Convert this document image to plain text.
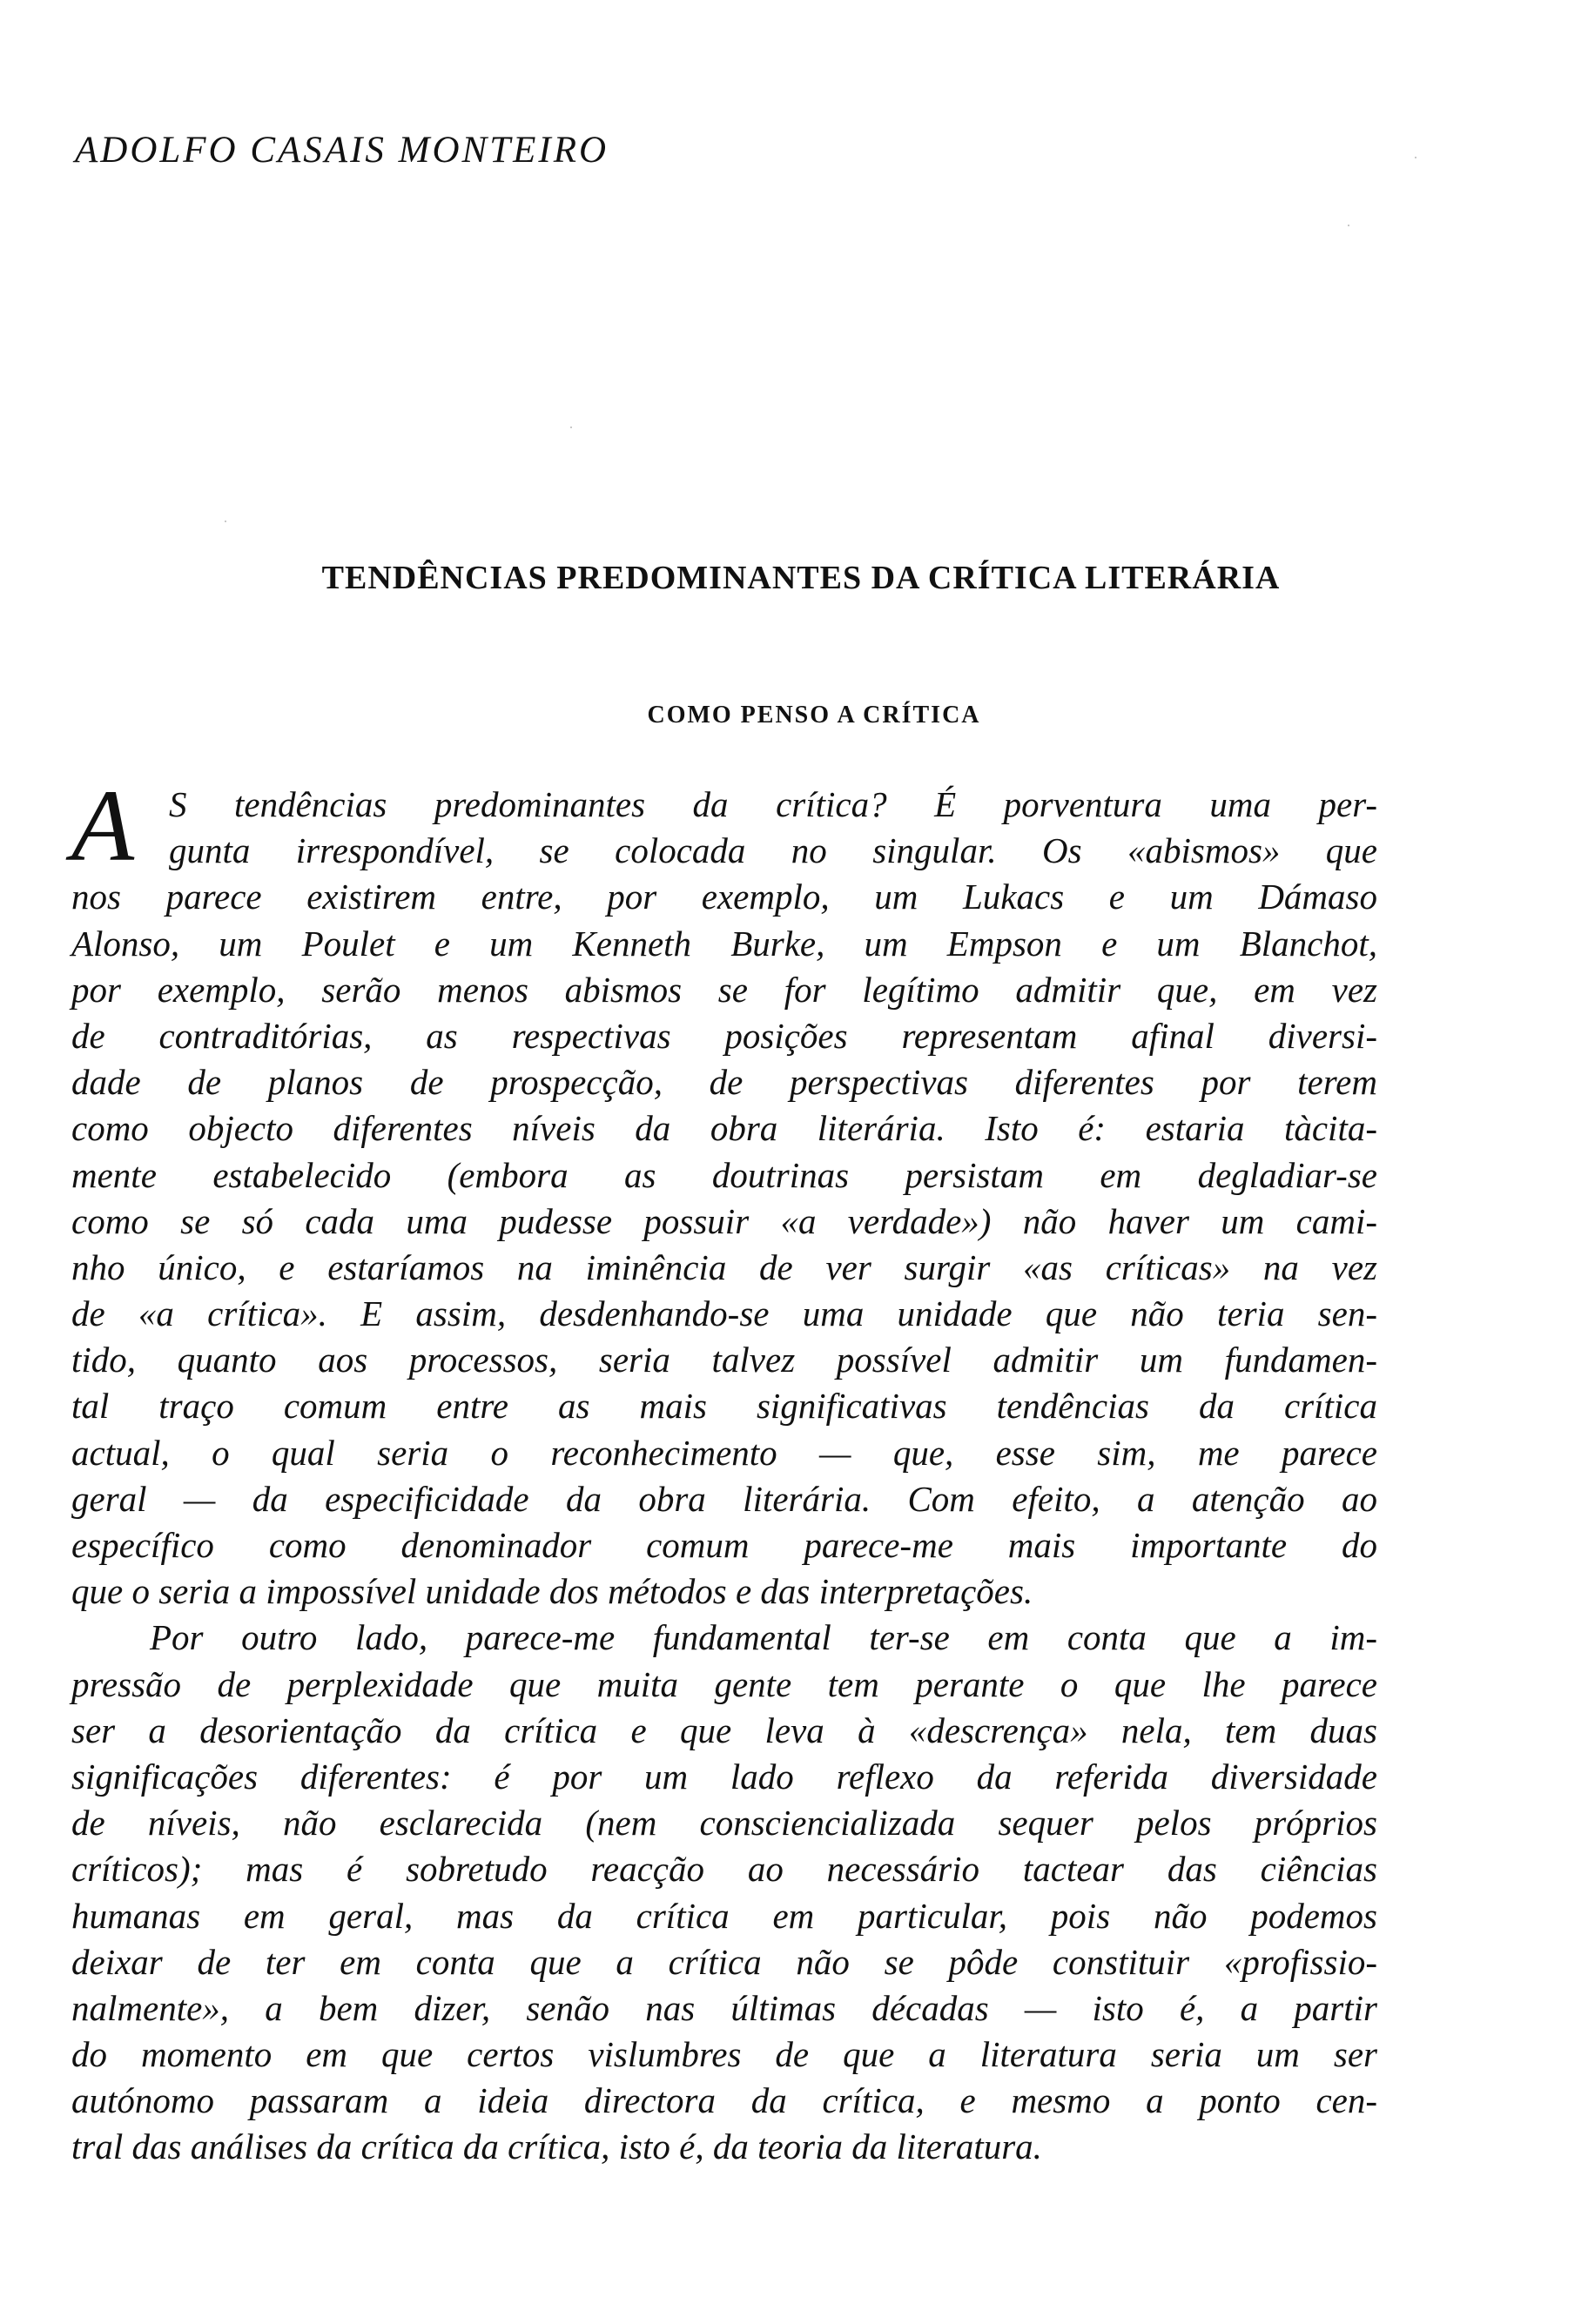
ADOLFO CASAIS MONTEIRO
TENDÊNCIAS PREDOMINANTES DA CRÍTICA LITERÁRIA
COMO PENSO A CRÍTICA
A S tendências predominantes da crítica? É porventura uma per-
gunta irrespondível, se colocada no singular. Os «abismos» que
nos parece existirem entre, por exemplo, um Lukacs e um Dámaso
Alonso, um Poulet e um Kenneth Burke, um Empson e um Blanchot,
por exemplo, serão menos abismos se for legítimo admitir que, em vez
de contraditórias, as respectivas posições representam afinal diversi-
dade de planos de prospecção, de perspectivas diferentes por terem
como objecto diferentes níveis da obra literária. Isto é: estaria tàcita-
mente estabelecido (embora as doutrinas persistam em degladiar-se
como se só cada uma pudesse possuir «a verdade») não haver um cami-
nho único, e estaríamos na iminência de ver surgir «as críticas» na vez
de «a crítica». E assim, desdenhando-se uma unidade que não teria sen-
tido, quanto aos processos, seria talvez possível admitir um fundamen-
tal traço comum entre as mais significativas tendências da crítica
actual, o qual seria o reconhecimento — que, esse sim, me parece
geral — da especificidade da obra literária. Com efeito, a atenção ao
específico como denominador comum parece-me mais importante do
que o seria a impossível unidade dos métodos e das interpretações.
Por outro lado, parece-me fundamental ter-se em conta que a im-
pressão de perplexidade que muita gente tem perante o que lhe parece
ser a desorientação da crítica e que leva à «descrença» nela, tem duas
significações diferentes: é por um lado reflexo da referida diversidade
de níveis, não esclarecida (nem consciencializada sequer pelos próprios
críticos); mas é sobretudo reacção ao necessário tactear das ciências
humanas em geral, mas da crítica em particular, pois não podemos
deixar de ter em conta que a crítica não se pôde constituir «profissio-
nalmente», a bem dizer, senão nas últimas décadas — isto é, a partir
do momento em que certos vislumbres de que a literatura seria um ser
autónomo passaram a ideia directora da crítica, e mesmo a ponto cen-
tral das análises da crítica da crítica, isto é, da teoria da literatura.
